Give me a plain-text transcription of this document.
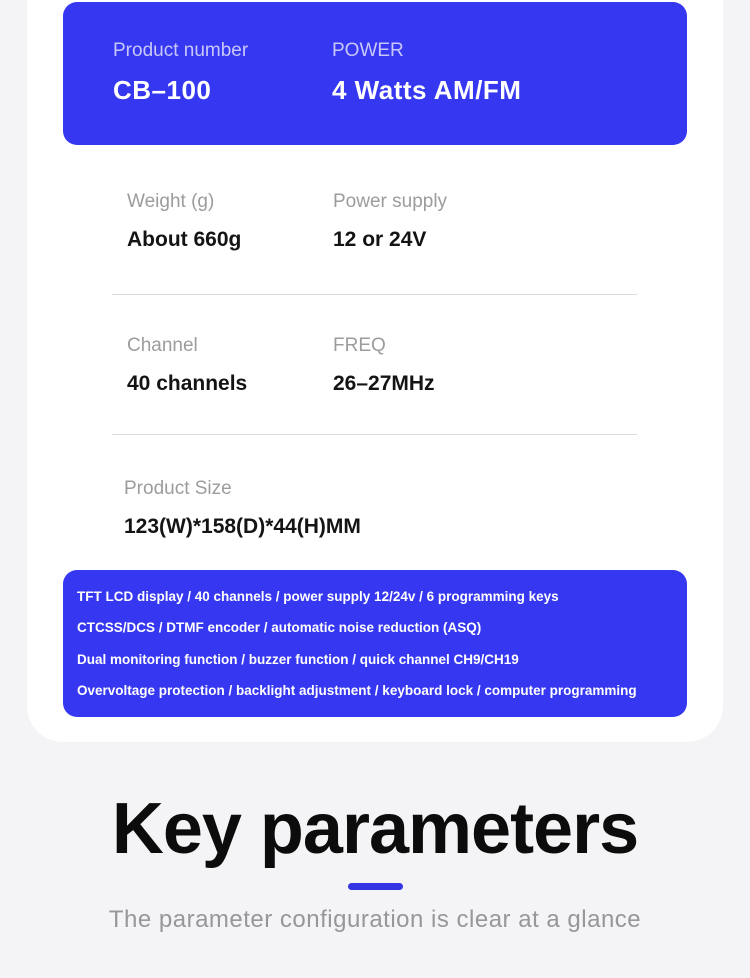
Product number
CB–100
POWER
4 Watts AM/FM
Weight (g)
About 660g
Power supply
12 or 24V
Channel
40 channels
FREQ
26–27MHz
Product Size
123(W)*158(D)*44(H)MM
TFT LCD display / 40 channels / power supply 12/24v / 6 programming keys
CTCSS/DCS / DTMF encoder / automatic noise reduction (ASQ)
Dual monitoring function / buzzer function / quick channel CH9/CH19
Overvoltage protection / backlight adjustment / keyboard lock / computer programming
Key parameters

The parameter configuration is clear at a glance
